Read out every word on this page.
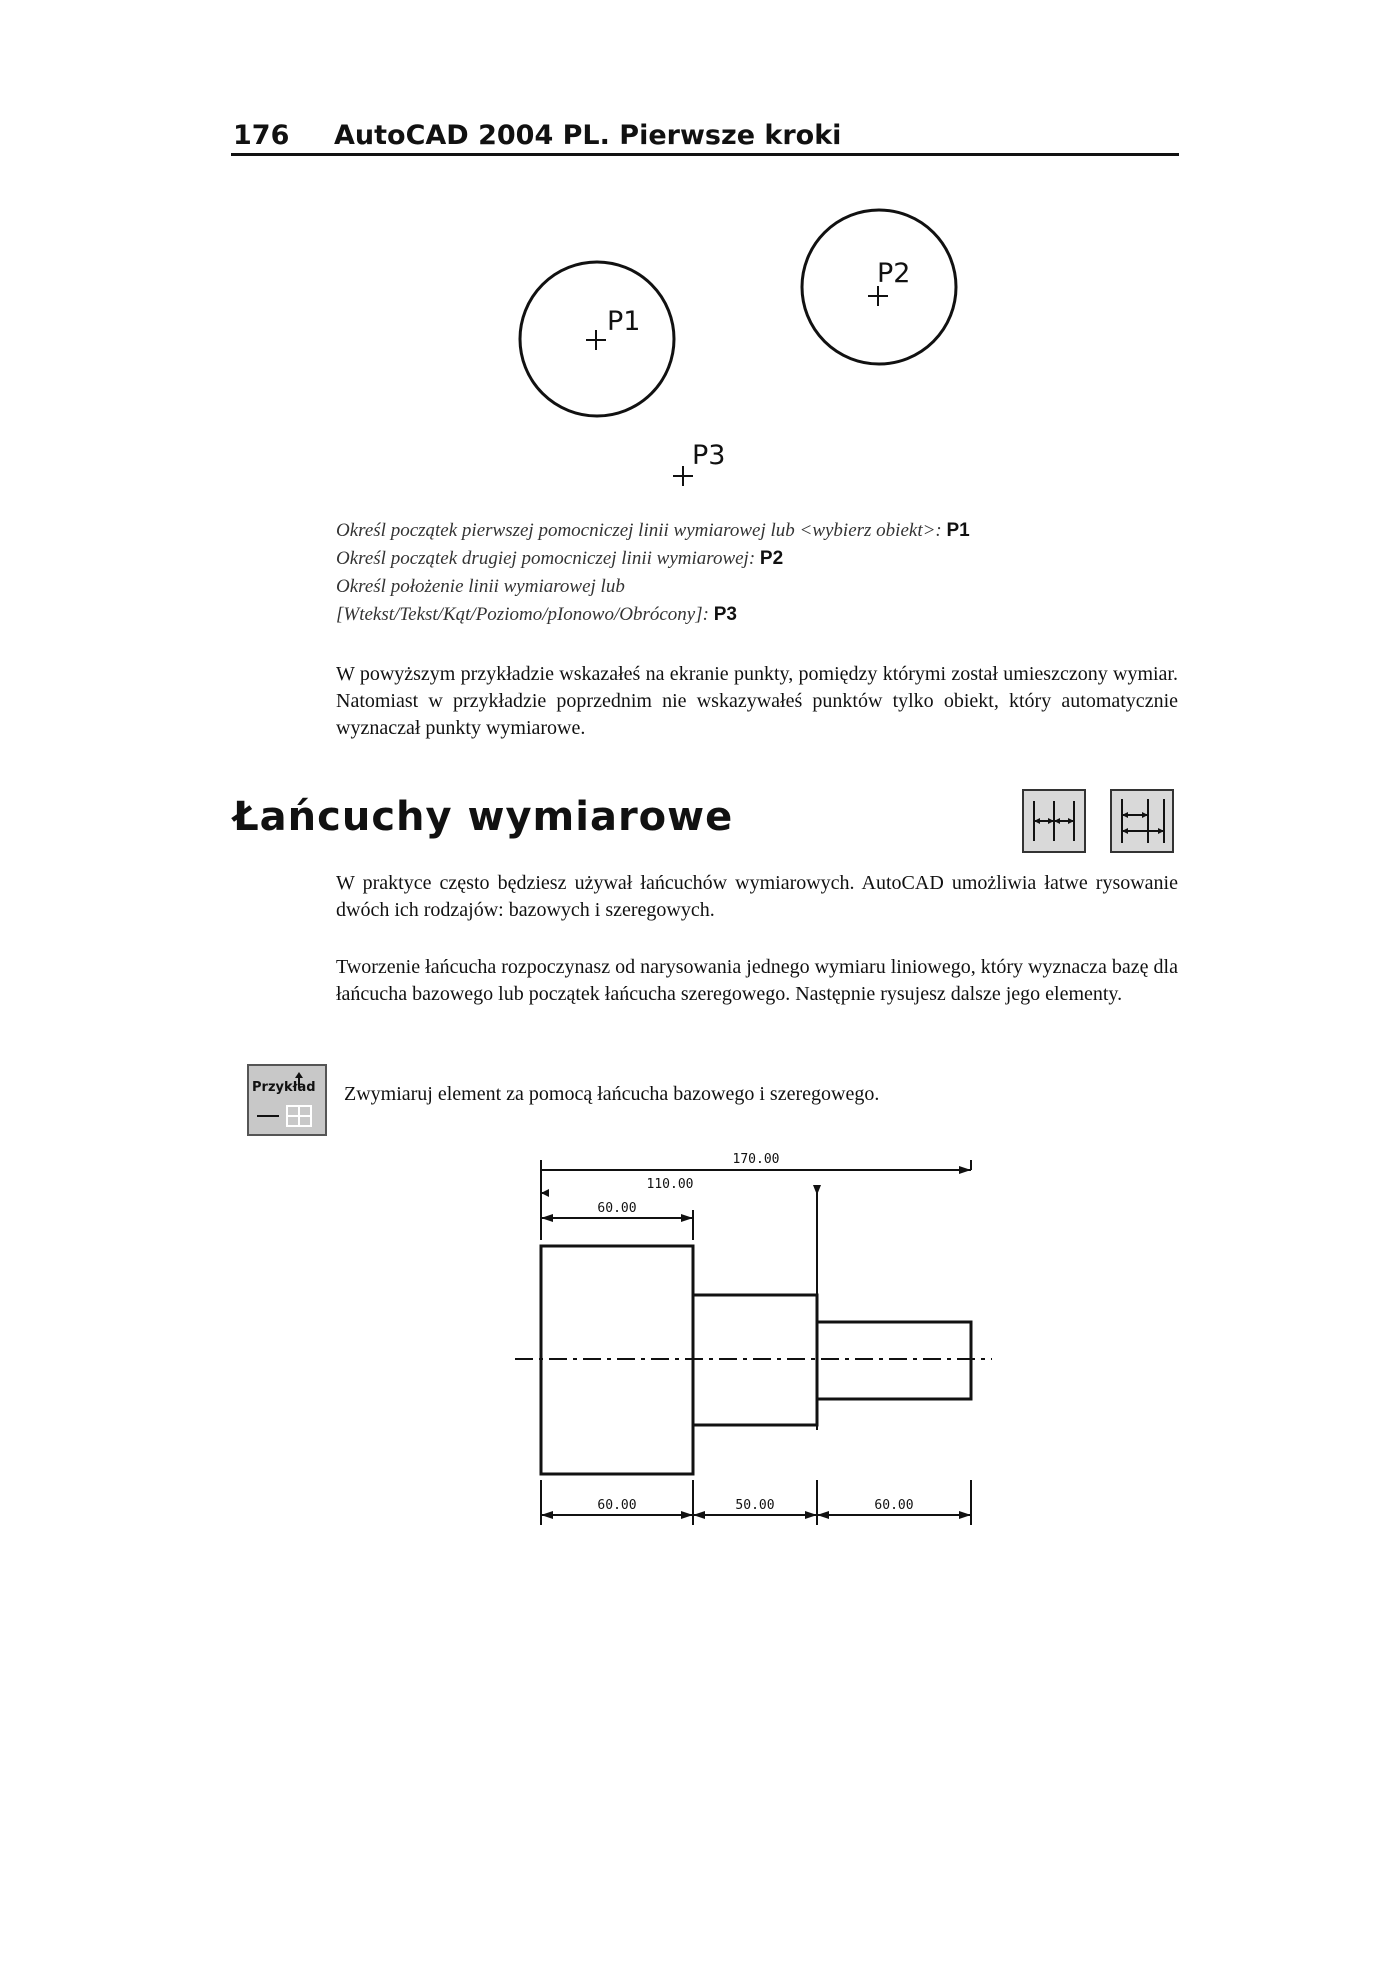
176 AutoCAD 2004 PL. Pierwsze kroki
P1
P2
P3
Określ początek pierwszej pomocniczej linii wymiarowej lub <wybierz obiekt>: P1
Określ początek drugiej pomocniczej linii wymiarowej: P2
Określ położenie linii wymiarowej lub
[Wtekst/Tekst/Kąt/Poziomo/pIonowo/Obrócony]: P3
W powyższym przykładzie wskazałeś na ekranie punkty, pomiędzy którymi został umieszczony wymiar. Natomiast w przykładzie poprzednim nie wskazywałeś punktów tylko obiekt, który automatycznie wyznaczał punkty wymiarowe.
Łańcuchy wymiarowe
W praktyce często będziesz używał łańcuchów wymiarowych. AutoCAD umożliwia łatwe rysowanie dwóch ich rodzajów: bazowych i szeregowych.
Tworzenie łańcucha rozpoczynasz od narysowania jednego wymiaru liniowego, który wyznacza bazę dla łańcucha bazowego lub początek łańcucha szeregowego. Następnie rysujesz dalsze jego elementy.
Przykład Zwymiaruj element za pomocą łańcucha bazowego i szeregowego.
170.00
110.00
60.00
60.00	50.00	60.00
